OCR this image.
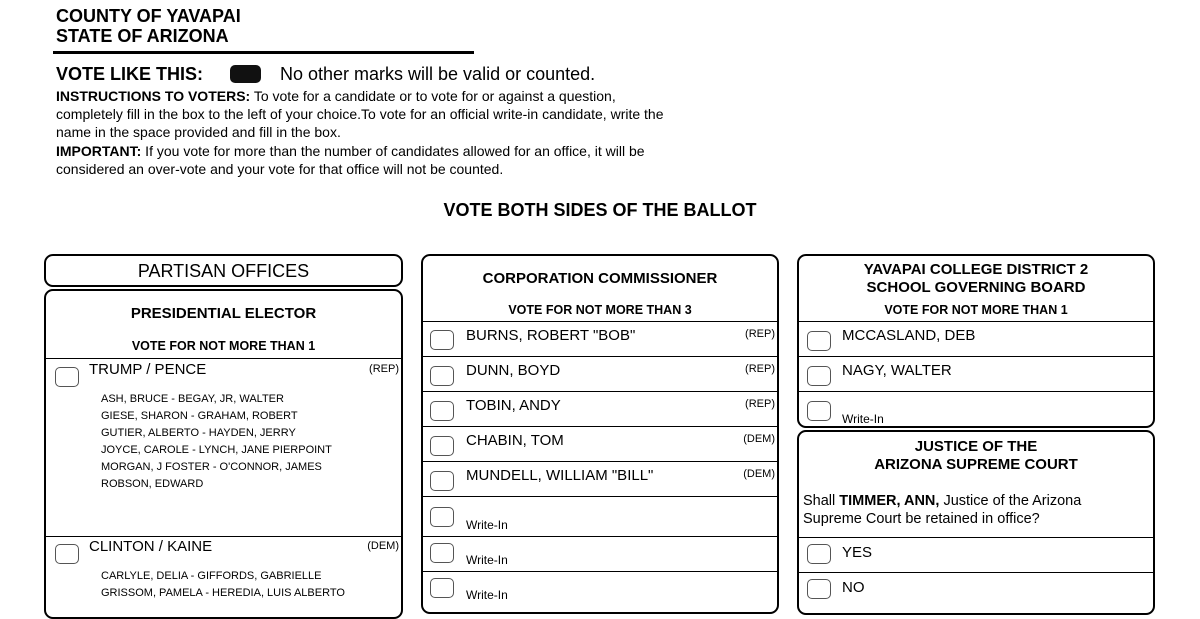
COUNTY OF YAVAPAI
STATE OF ARIZONA
VOTE LIKE THIS:	No other marks will be valid or counted.
INSTRUCTIONS TO VOTERS: To vote for a candidate or to vote for or against a question,
completely fill in the box to the left of your choice.To vote for an official write-in candidate, write the
name in the space provided and fill in the box.
IMPORTANT: If you vote for more than the number of candidates allowed for an office, it will be
considered an over-vote and your vote for that office will not be counted.
VOTE BOTH SIDES OF THE BALLOT
PARTISAN OFFICES
PRESIDENTIAL ELECTOR
VOTE FOR NOT MORE THAN 1
TRUMP / PENCE	(REP)
ASH, BRUCE - BEGAY, JR, WALTER
GIESE, SHARON - GRAHAM, ROBERT
GUTIER, ALBERTO - HAYDEN, JERRY
JOYCE, CAROLE - LYNCH, JANE PIERPOINT
MORGAN, J FOSTER - O'CONNOR, JAMES
ROBSON, EDWARD
CLINTON / KAINE	(DEM)
CARLYLE, DELIA - GIFFORDS, GABRIELLE
GRISSOM, PAMELA - HEREDIA, LUIS ALBERTO
CORPORATION COMMISSIONER
VOTE FOR NOT MORE THAN 3
BURNS, ROBERT "BOB"	(REP)
DUNN, BOYD	(REP)
TOBIN, ANDY	(REP)
CHABIN, TOM	(DEM)
MUNDELL, WILLIAM "BILL"	(DEM)
Write-In
Write-In
Write-In
YAVAPAI COLLEGE DISTRICT 2
SCHOOL GOVERNING BOARD
VOTE FOR NOT MORE THAN 1
MCCASLAND, DEB
NAGY, WALTER
Write-In
JUSTICE OF THE
ARIZONA SUPREME COURT
Shall TIMMER, ANN, Justice of the Arizona
Supreme Court be retained in office?
YES
NO
